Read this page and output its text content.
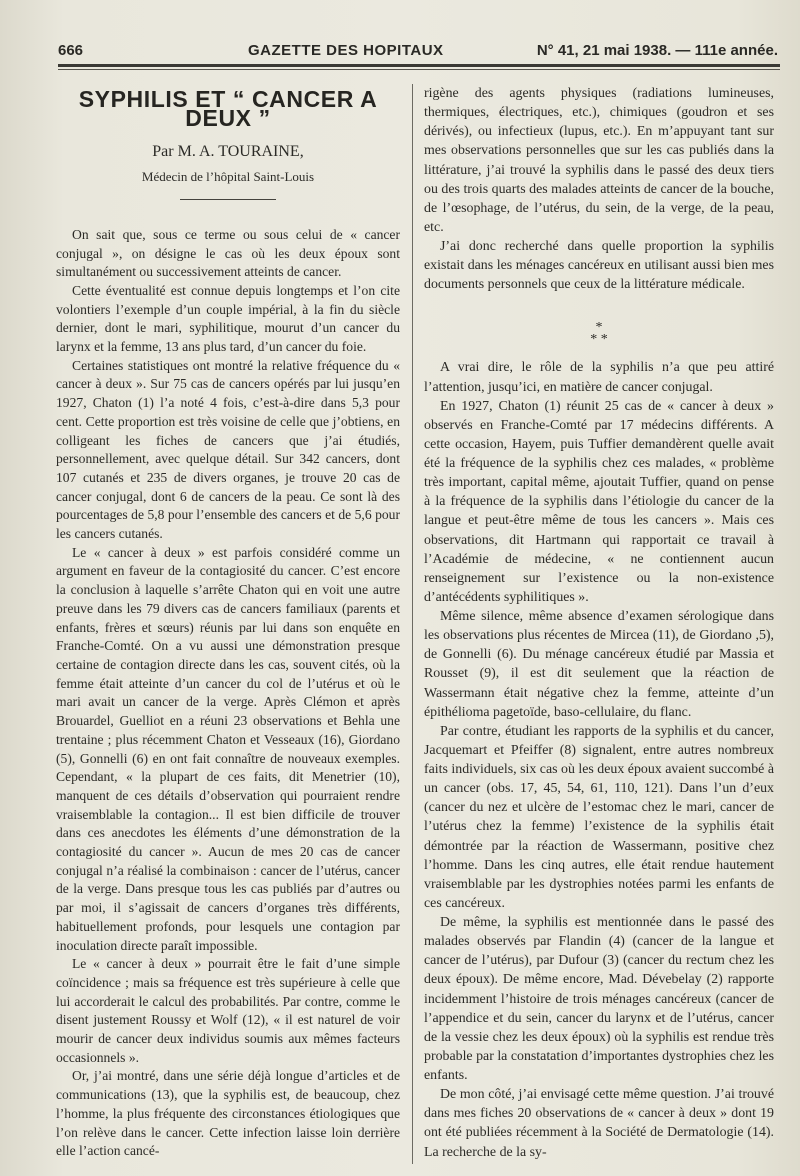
666	GAZETTE DES HOPITAUX	N° 41, 21 mai 1938. — 111e année.
SYPHILIS ET “ CANCER A DEUX ”
Par M. A. TOURAINE,
Médecin de l’hôpital Saint-Louis

On sait que, sous ce terme ou sous celui de « cancer conjugal », on désigne le cas où les deux époux sont simultanément ou successivement atteints de cancer.

Cette éventualité est connue depuis longtemps et l’on cite volontiers l’exemple d’un couple impérial, à la fin du siècle dernier, dont le mari, syphilitique, mourut d’un cancer du larynx et la femme, 13 ans plus tard, d’un cancer du foie.

Certaines statistiques ont montré la relative fréquence du « cancer à deux ». Sur 75 cas de cancers opérés par lui jusqu’en 1927, Chaton (1) l’a noté 4 fois, c’est-à-dire dans 5,3 pour cent. Cette proportion est très voisine de celle que j’obtiens, en colligeant les fiches de cancers que j’ai étudiés, personnellement, avec quelque détail. Sur 342 cancers, dont 107 cutanés et 235 de divers organes, je trouve 20 cas de cancer conjugal, dont 6 de cancers de la peau. Ce sont là des pourcentages de 5,8 pour l’ensemble des cancers et de 5,6 pour les cancers cutanés.

Le « cancer à deux » est parfois considéré comme un argument en faveur de la contagiosité du cancer. C’est encore la conclusion à laquelle s’arrête Chaton qui en voit une autre preuve dans les 79 divers cas de cancers familiaux (parents et enfants, frères et sœurs) réunis par lui dans son enquête en Franche-Comté. On a vu aussi une démonstration presque certaine de contagion directe dans les cas, souvent cités, où la femme était atteinte d’un cancer du col de l’utérus et où le mari avait un cancer de la verge. Après Clémon et après Brouardel, Guelliot en a réuni 23 observations et Behla une trentaine ; plus récemment Chaton et Vesseaux (16), Giordano (5), Gonnelli (6) en ont fait connaître de nouveaux exemples. Cependant, « la plupart de ces faits, dit Menetrier (10), manquent de ces détails d’observation qui pourraient rendre vraisemblable la contagion... Il est bien difficile de trouver dans ces anecdotes les éléments d’une démonstration de la contagiosité du cancer ». Aucun de mes 20 cas de cancer conjugal n’a réalisé la combinaison : cancer de l’utérus, cancer de la verge. Dans presque tous les cas publiés par d’autres ou par moi, il s’agissait de cancers d’organes très différents, habituellement profonds, pour lesquels une contagion par inoculation directe paraît impossible.

Le « cancer à deux » pourrait être le fait d’une simple coïncidence ; mais sa fréquence est très supérieure à celle que lui accorderait le calcul des probabilités. Par contre, comme le disent justement Roussy et Wolf (12), « il est naturel de voir mourir de cancer deux individus soumis aux mêmes facteurs occasionnels ».

Or, j’ai montré, dans une série déjà longue d’articles et de communications (13), que la syphilis est, de beaucoup, chez l’homme, la plus fréquente des circonstances étiologiques que l’on relève dans le cancer. Cette infection laisse loin derrière elle l’action cancé-

rigène des agents physiques (radiations lumineuses, thermiques, électriques, etc.), chimiques (goudron et ses dérivés), ou infectieux (lupus, etc.). En m’appuyant tant sur mes observations personnelles que sur les cas publiés dans la littérature, j’ai trouvé la syphilis dans le passé des deux tiers ou des trois quarts des malades atteints de cancer de la bouche, de l’œsophage, de l’utérus, du sein, de la verge, de la peau, etc.

J’ai donc recherché dans quelle proportion la syphilis existait dans les ménages cancéreux en utilisant aussi bien mes documents personnels que ceux de la littérature médicale.

*
* *

A vrai dire, le rôle de la syphilis n’a que peu attiré l’attention, jusqu’ici, en matière de cancer conjugal.

En 1927, Chaton (1) réunit 25 cas de « cancer à deux » observés en Franche-Comté par 17 médecins différents. A cette occasion, Hayem, puis Tuffier demandèrent quelle avait été la fréquence de la syphilis chez ces malades, « problème très important, capital même, ajoutait Tuffier, quand on pense à la fréquence de la syphilis dans l’étiologie du cancer de la langue et peut-être même de tous les cancers ». Mais ces observations, dit Hartmann qui rapportait ce travail à l’Académie de médecine, « ne contiennent aucun renseignement sur l’existence ou la non-existence d’antécédents syphilitiques ».

Même silence, même absence d’examen sérologique dans les observations plus récentes de Mircea (11), de Giordano ,5), de Gonnelli (6). Du ménage cancéreux étudié par Massia et Rousset (9), il est dit seulement que la réaction de Wassermann était négative chez la femme, atteinte d’un épithélioma pagetoïde, baso-cellulaire, du flanc.

Par contre, étudiant les rapports de la syphilis et du cancer, Jacquemart et Pfeiffer (8) signalent, entre autres nombreux faits individuels, six cas où les deux époux avaient succombé à un cancer (obs. 17, 45, 54, 61, 110, 121). Dans l’un d’eux (cancer du nez et ulcère de l’estomac chez le mari, cancer de l’utérus chez la femme) l’existence de la syphilis était démontrée par la réaction de Wassermann, positive chez l’homme. Dans les cinq autres, elle était rendue hautement vraisemblable par les dystrophies notées parmi les enfants de ces cancéreux.

De même, la syphilis est mentionnée dans le passé des malades observés par Flandin (4) (cancer de la langue et cancer de l’utérus), par Dufour (3) (cancer du rectum chez les deux époux). De même encore, Mad. Dévebelay (2) rapporte incidemment l’histoire de trois ménages cancéreux (cancer de l’appendice et du sein, cancer du larynx et de l’utérus, cancer de la vessie chez les deux époux) où la syphilis est rendue très probable par la constatation d’importantes dystrophies chez les enfants.

De mon côté, j’ai envisagé cette même question. J’ai trouvé dans mes fiches 20 observations de « cancer à deux » dont 19 ont été publiées récemment à la Société de Dermatologie (14). La recherche de la sy-
